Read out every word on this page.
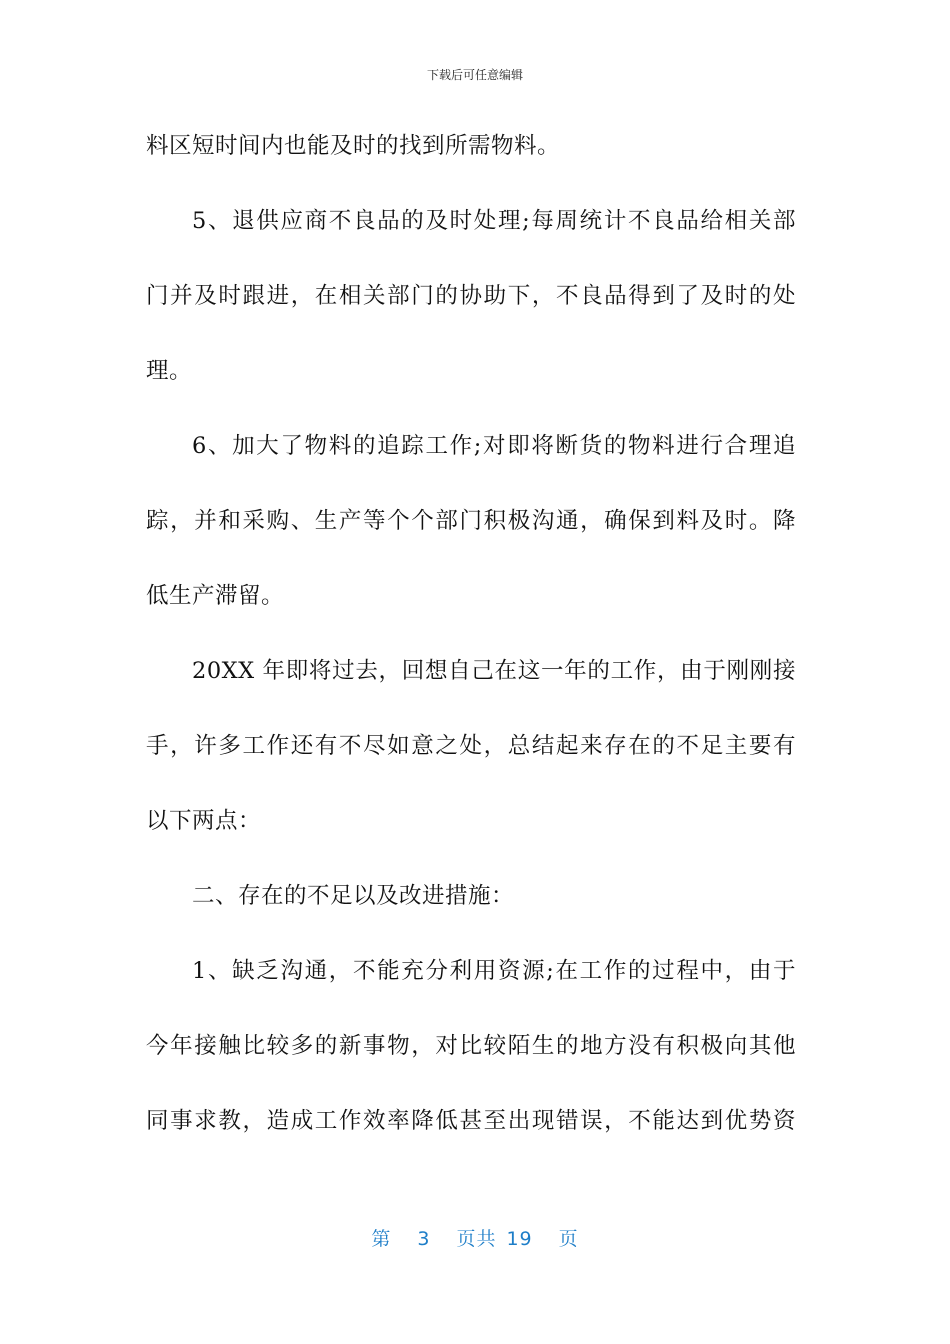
下载后可任意编辑
料区短时间内也能及时的找到所需物料。
5、退供应商不良品的及时处理;每周统计不良品给相关部
门并及时跟进，在相关部门的协助下，不良品得到了及时的处
理。
6、加大了物料的追踪工作;对即将断货的物料进行合理追
踪，并和采购、生产等个个部门积极沟通，确保到料及时。降
低生产滞留。
20XX 年即将过去，回想自己在这一年的工作，由于刚刚接
手，许多工作还有不尽如意之处，总结起来存在的不足主要有
以下两点：
二、存在的不足以及改进措施：
1、缺乏沟通，不能充分利用资源;在工作的过程中，由于
今年接触比较多的新事物，对比较陌生的地方没有积极向其他
同事求教，造成工作效率降低甚至出现错误，不能达到优势资
第 3 页共 19 页
